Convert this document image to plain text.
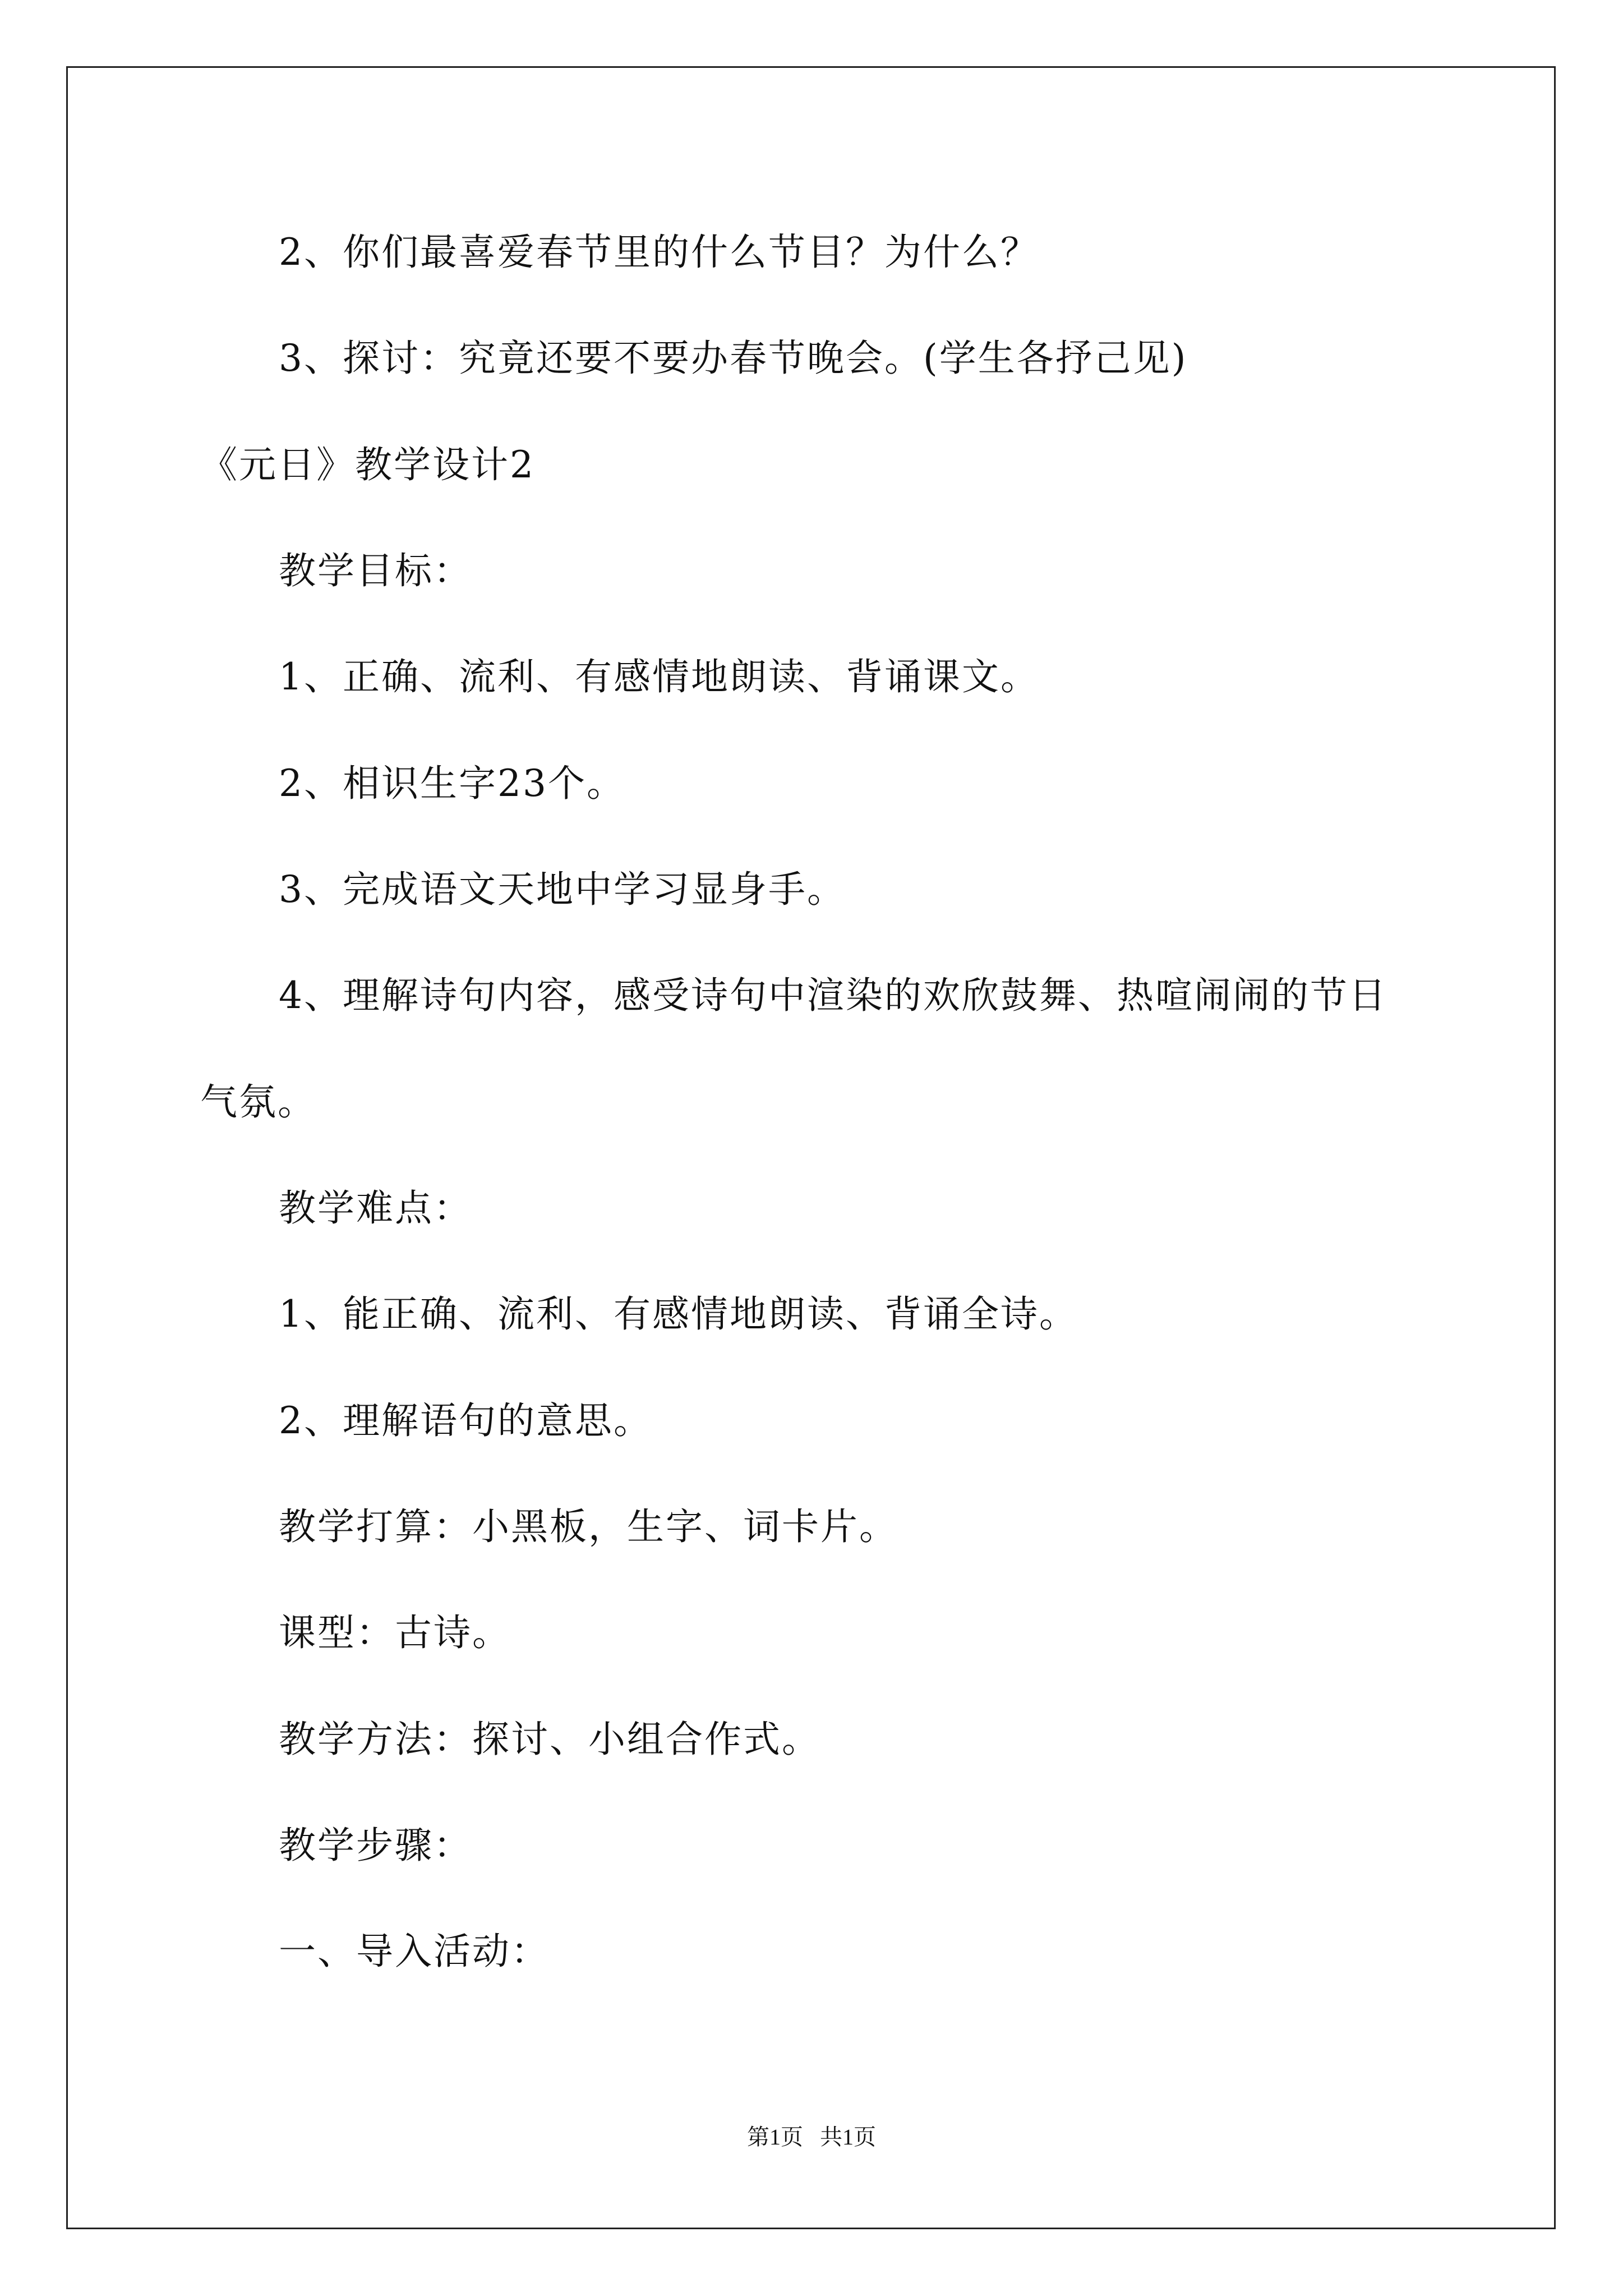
2、你们最喜爱春节里的什么节目？为什么？
3、探讨：究竟还要不要办春节晚会。(学生各抒己见)
《元日》教学设计2
教学目标：
1、正确、流利、有感情地朗读、背诵课文。
2、相识生字23个。
3、完成语文天地中学习显身手。
4、理解诗句内容，感受诗句中渲染的欢欣鼓舞、热喧闹闹的节日
气氛。
教学难点：
1、能正确、流利、有感情地朗读、背诵全诗。
2、理解语句的意思。
教学打算：小黑板，生字、词卡片。
课型：古诗。
教学方法：探讨、小组合作式。
教学步骤：
一、导入活动：
第1页   共1页
